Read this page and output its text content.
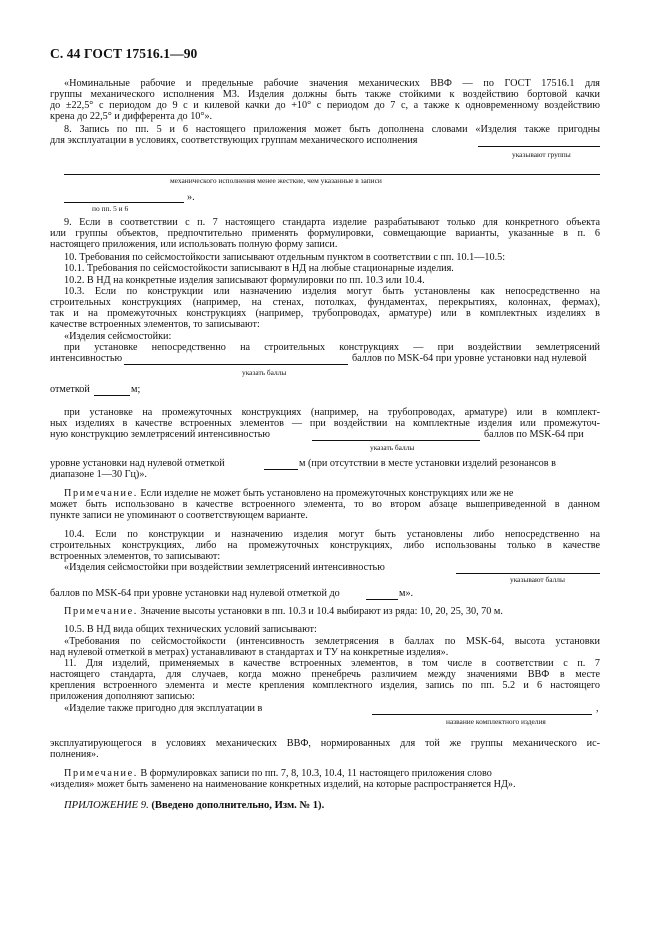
С. 44 ГОСТ 17516.1—90
«Номинальные рабочие и предельные рабочие значения механических ВВФ — по ГОСТ 17516.1 для
группы механического исполнения М3. Изделия должны быть также стойкими к воздействию бортовой качки
до ±22,5° с периодом до 9 с и килевой качки до +10° с периодом до 7 с, а также к одновременному воздействию
крена до 22,5° и дифферента до 10°».
8. Запись по пп. 5 и 6 настоящего приложения может быть дополнена словами «Изделия также пригодны
для эксплуатации в условиях, соответствующих группам механического исполнения
указывают группы
механического исполнения менее жесткие, чем указанные в записи
».
по пп. 5 и 6
9. Если в соответствии с п. 7 настоящего стандарта изделие разрабатывают только для конкретного объекта
или группы объектов, предпочтительно применять формулировки, совмещающие варианты, указанные в п. 6
настоящего приложения, или использовать полную форму записи.
10. Требования по сейсмостойкости записывают отдельным пунктом в соответствии с пп. 10.1—10.5:
10.1. Требования по сейсмостойкости записывают в НД на любые стационарные изделия.
10.2. В НД на конкретные изделия записывают формулировки по пп. 10.3 или 10.4.
10.3. Если по конструкции или назначению изделия могут быть установлены как непосредственно на
строительных конструкциях (например, на стенах, потолках, фундаментах, перекрытиях, колоннах, фермах),
так и на промежуточных конструкциях (например, трубопроводах, арматуре) или в комплектных изделиях в
качестве встроенных элементов, то записывают:
«Изделия сейсмостойки:
при установке непосредственно на строительных конструкциях — при воздействии землетрясений
интенсивностью	баллов по MSK-64 при уровне установки над нулевой
указать баллы
отметкой	м;
при установке на промежуточных конструкциях (например, на трубопроводах, арматуре) или в комплект-
ных изделиях в качестве встроенных элементов — при воздействии на комплектные изделия или промежуточ-
ную конструкцию землетрясений интенсивностью	баллов по MSK-64 при
указать баллы
уровне установки над нулевой отметкой	м (при отсутствии в месте установки изделий резонансов в
диапазоне 1—30 Гц)».
Примечание. Если изделие не может быть установлено на промежуточных конструкциях или же не
может быть использовано в качестве встроенного элемента, то во втором абзаце вышеприведенной в данном
пункте записи не упоминают о соответствующем варианте.
10.4. Если по конструкции и назначению изделия могут быть установлены либо непосредственно на
строительных конструкциях, либо на промежуточных конструкциях, либо использованы только в качестве
встроенных элементов, то записывают:
«Изделия сейсмостойки при воздействии землетрясений интенсивностью
указывают баллы
баллов по MSK-64 при уровне установки над нулевой отметкой до	м».
Примечание. Значение высоты установки в пп. 10.3 и 10.4 выбирают из ряда: 10, 20, 25, 30, 70 м.
10.5. В НД вида общих технических условий записывают:
«Требования по сейсмостойкости (интенсивность землетрясения в баллах по MSK-64, высота установки
над нулевой отметкой в метрах) устанавливают в стандартах и ТУ на конкретные изделия».
11. Для изделий, применяемых в качестве встроенных элементов, в том числе в соответствии с п. 7
настоящего стандарта, для случаев, когда можно пренебречь различием между значениями ВВФ в месте
крепления встроенного элемента и месте крепления комплектного изделия, запись по пп. 5.2 и 6 настоящего
приложения дополняют записью:
«Изделие также пригодно для эксплуатации в	,
название комплектного изделия
эксплуатирующегося в условиях механических ВВФ, нормированных для той же группы механического ис-
полнения».
Примечание. В формулировках записи по пп. 7, 8, 10.3, 10.4, 11 настоящего приложения слово
«изделия» может быть заменено на наименование конкретных изделий, на которые распространяется НД».
ПРИЛОЖЕНИЕ 9. (Введено дополнительно, Изм. № 1).
